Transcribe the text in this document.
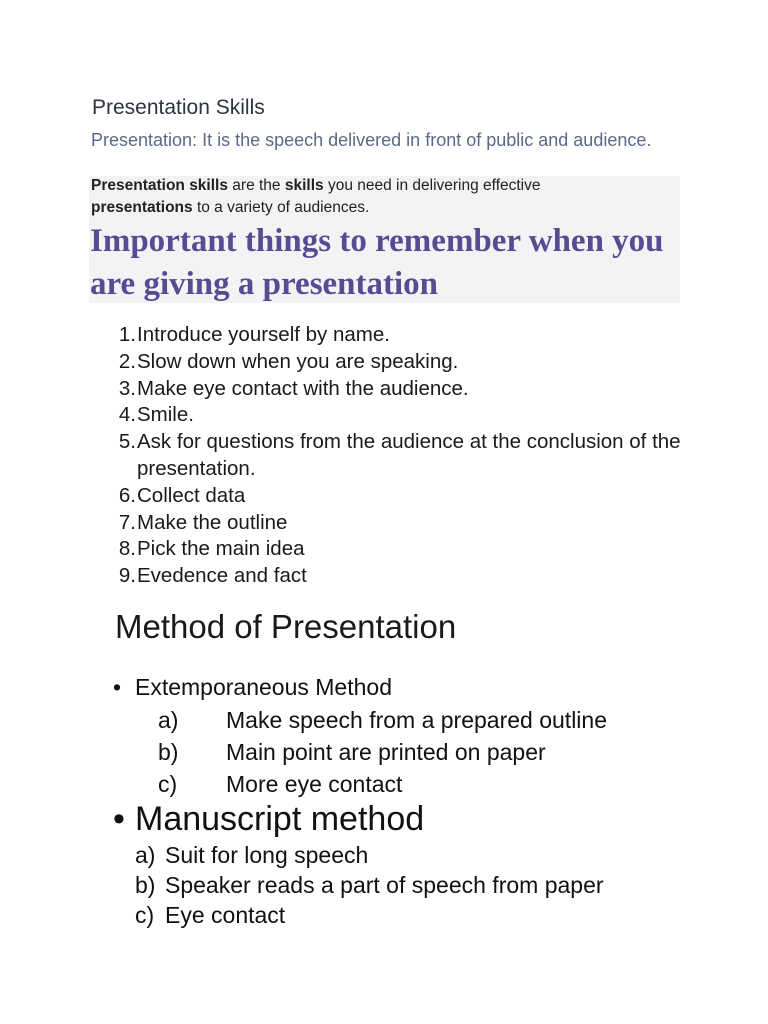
Presentation Skills
Presentation: It is the speech delivered in front of public and audience.
Presentation skills are the skills you need in delivering effective
presentations to a variety of audiences.
Important things to remember when you are giving a presentation
1. Introduce yourself by name.
2. Slow down when you are speaking.
3. Make eye contact with the audience.
4. Smile.
5. Ask for questions from the audience at the conclusion of the presentation.
6. Collect data
7. Make the outline
8. Pick the main idea
9. Evedence and fact
Method of Presentation
• Extemporaneous Method
a)	Make speech from a prepared outline
b)	Main point are printed on paper
c)	More eye contact
• Manuscript method
a) Suit for long speech
b) Speaker reads a part of speech from paper
c) Eye contact
